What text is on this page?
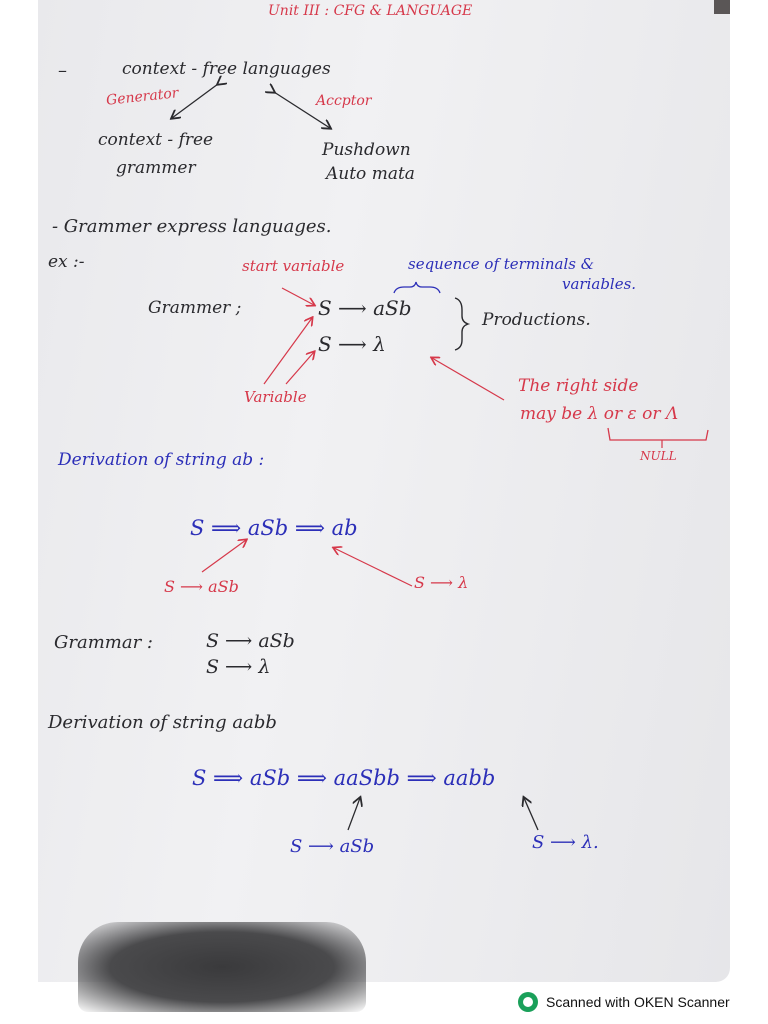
Unit III : CFG & LANGUAGE
–	context - free languages
Generator	Accptor
context - free
grammer
Pushdown
Auto mata
- Grammer express languages.
ex :-	start variable	sequence of terminals &
variables.
Grammer ;	S ⟶ aSb
S ⟶ λ
Productions.
Variable
The right side
may be λ or ε or Λ
NULL
Derivation of string ab :
S ⟹ aSb ⟹ ab
S ⟶ aSb	S ⟶ λ
Grammar :	S ⟶ aSb
S ⟶ λ
Derivation of string aabb
S ⟹ aSb ⟹ aaSbb ⟹ aabb
S ⟶ aSb	S ⟶ λ.
Scanned with OKEN Scanner
